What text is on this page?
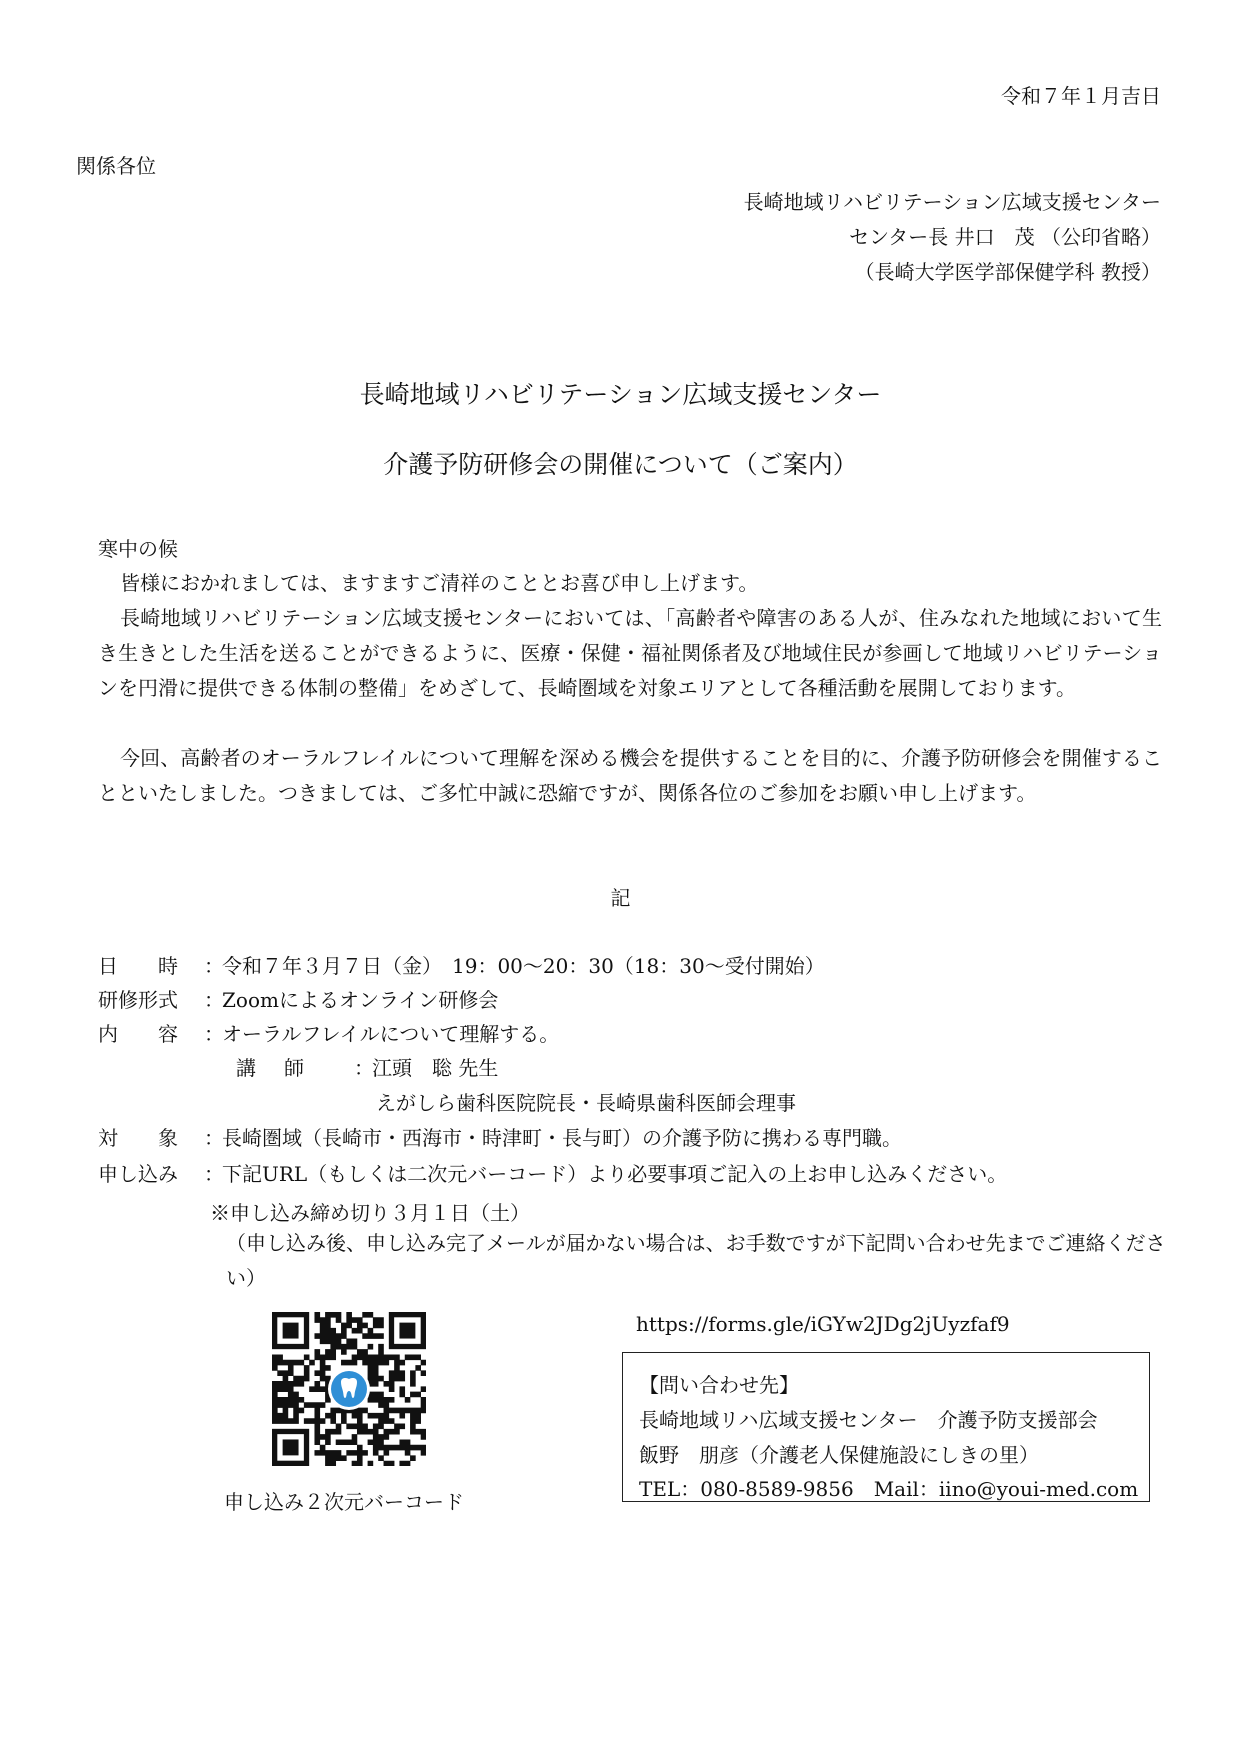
令和７年１月吉日
関係各位
長崎地域リハビリテーション広域支援センター
センター長 井口　茂 （公印省略）
（長崎大学医学部保健学科 教授）
長崎地域リハビリテーション広域支援センター
介護予防研修会の開催について（ご案内）
寒中の候

皆様におかれましては、ますますご清祥のこととお喜び申し上げます。

長崎地域リハビリテーション広域支援センターにおいては、「高齢者や障害のある人が、住みなれた地域において生き生きとした生活を送ることができるように、医療・保健・福祉関係者及び地域住民が参画して地域リハビリテーションを円滑に提供できる体制の整備」をめざして、長崎圏域を対象エリアとして各種活動を展開しております。

今回、高齢者のオーラルフレイルについて理解を深める機会を提供することを目的に、介護予防研修会を開催することといたしました。つきましては、ご多忙中誠に恐縮ですが、関係各位のご参加をお願い申し上げます。

記
日　　時 ：
令和７年３月７日（金）　19：00～20：30（18：30～受付開始）
研修形式 ：
Zoomによるオンライン研修会
内　　容 ：
オーラルフレイルについて理解する。
講　師 ：
江頭　聡 先生
えがしら歯科医院院長・長崎県歯科医師会理事
対　　象 ：
長崎圏域（長崎市・西海市・時津町・長与町）の介護予防に携わる専門職。
申し込み ：
下記URL（もしくは二次元バーコード）より必要事項ご記入の上お申し込みください。
※申し込み締め切り３月１日（土）

（申し込み後、申し込み完了メールが届かない場合は、お手数ですが下記問い合わせ先までご連絡ください）

申し込み２次元バーコード
https://forms.gle/iGYw2JDg2jUyzfaf9
【問い合わせ先】
長崎地域リハ広域支援センター　介護予防支援部会
飯野　朋彦（介護老人保健施設にしきの里）
TEL：080-8589-9856　Mail：iino@youi-med.com
